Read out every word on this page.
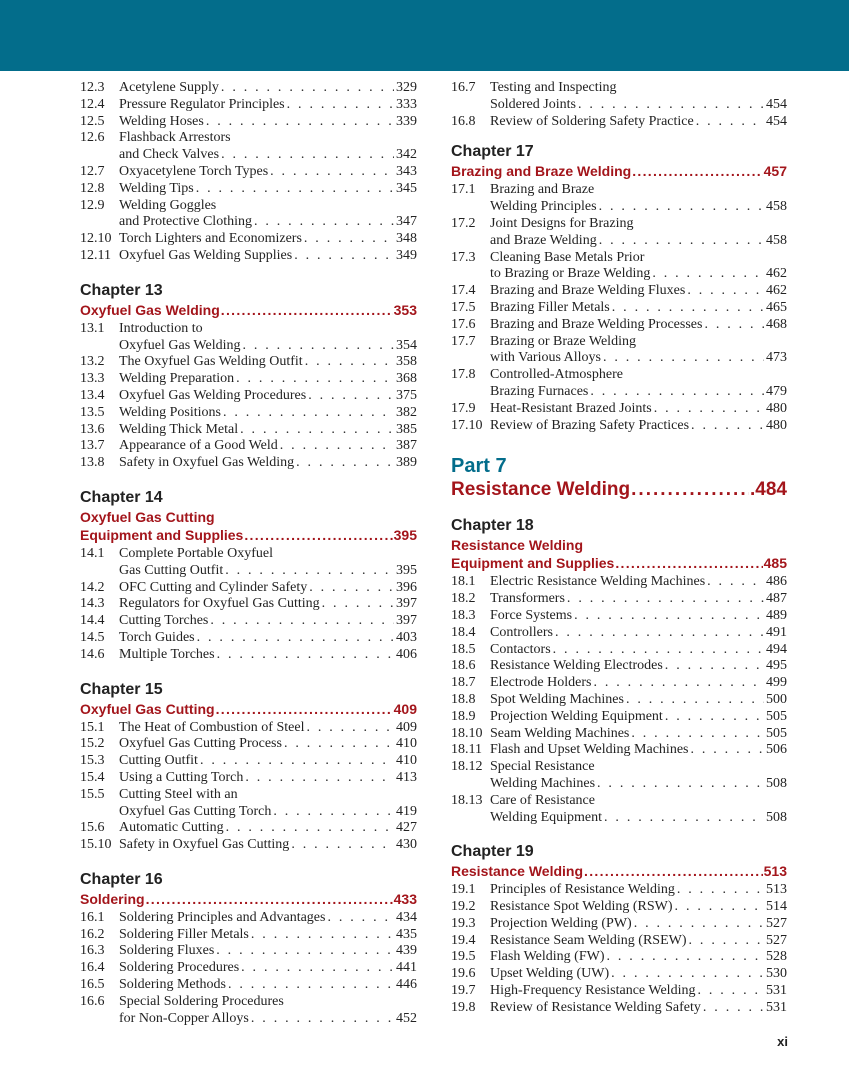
12.3	Acetylene Supply . . .	329
12.4	Pressure Regulator Principles . . .	333
12.5	Welding Hoses . . .	339
12.6	Flashback Arrestors
and Check Valves . . .	342
12.7	Oxyacetylene Torch Types . . .	343
12.8	Welding Tips . . .	345
12.9	Welding Goggles
and Protective Clothing . . .	347
12.10 Torch Lighters and Economizers . . .	348
12.11 Oxyfuel Gas Welding Supplies . . .	349
Chapter 13
Oxyfuel Gas Welding .....	353
13.1	Introduction to
Oxyfuel Gas Welding . . .	354
13.2	The Oxyfuel Gas Welding Outfit . . .	358
13.3	Welding Preparation . . .	368
13.4	Oxyfuel Gas Welding Procedures . . .	375
13.5	Welding Positions . . .	382
13.6	Welding Thick Metal . . .	385
13.7	Appearance of a Good Weld . . .	387
13.8	Safety in Oxyfuel Gas Welding . . .	389
Chapter 14
Oxyfuel Gas Cutting
Equipment and Supplies .....	395
14.1	Complete Portable Oxyfuel
Gas Cutting Outfit . . .	395
14.2	OFC Cutting and Cylinder Safety . . .	396
14.3	Regulators for Oxyfuel Gas Cutting . . .	397
14.4	Cutting Torches . . .	397
14.5	Torch Guides . . .	403
14.6	Multiple Torches . . .	406
Chapter 15
Oxyfuel Gas Cutting .....	409
15.1	The Heat of Combustion of Steel . . .	409
15.2	Oxyfuel Gas Cutting Process . . .	410
15.3	Cutting Outfit . . .	410
15.4	Using a Cutting Torch . . .	413
15.5	Cutting Steel with an
Oxyfuel Gas Cutting Torch . . .	419
15.6	Automatic Cutting . . .	427
15.10 Safety in Oxyfuel Gas Cutting . . .	430
Chapter 16
Soldering .....	433
16.1	Soldering Principles and Advantages . . .	434
16.2	Soldering Filler Metals . . .	435
16.3	Soldering Fluxes . . .	439
16.4	Soldering Procedures . . .	441
16.5	Soldering Methods . . .	446
16.6	Special Soldering Procedures
for Non-Copper Alloys . . .	452
16.7	Testing and Inspecting
Soldered Joints . . .	454
16.8	Review of Soldering Safety Practice . . .	454
Chapter 17
Brazing and Braze Welding .....	457
17.1	Brazing and Braze
Welding Principles . . .	458
17.2	Joint Designs for Brazing
and Braze Welding . . .	458
17.3	Cleaning Base Metals Prior
to Brazing or Braze Welding . . .	462
17.4	Brazing and Braze Welding Fluxes . . .	462
17.5	Brazing Filler Metals . . .	465
17.6	Brazing and Braze Welding Processes . . .	468
17.7	Brazing or Braze Welding
with Various Alloys . . .	473
17.8	Controlled-Atmosphere
Brazing Furnaces . . .	479
17.9	Heat-Resistant Brazed Joints . . .	480
17.10 Review of Brazing Safety Practices . . .	480
Part 7
Resistance Welding .....	.484
Chapter 18
Resistance Welding
Equipment and Supplies .....	485
18.1	Electric Resistance Welding Machines . . .	486
18.2	Transformers . . .	487
18.3	Force Systems . . .	489
18.4	Controllers . . .	491
18.5	Contactors . . .	494
18.6	Resistance Welding Electrodes . . .	495
18.7	Electrode Holders . . .	499
18.8	Spot Welding Machines . . .	500
18.9	Projection Welding Equipment . . .	505
18.10 Seam Welding Machines . . .	505
18.11 Flash and Upset Welding Machines . . .	506
18.12 Special Resistance
Welding Machines . . .	508
18.13 Care of Resistance
Welding Equipment . . .	508
Chapter 19
Resistance Welding .....	513
19.1	Principles of Resistance Welding . . .	513
19.2	Resistance Spot Welding (RSW) . . .	514
19.3	Projection Welding (PW) . . .	527
19.4	Resistance Seam Welding (RSEW) . . .	527
19.5	Flash Welding (FW) . . .	528
19.6	Upset Welding (UW) . . .	530
19.7	High-Frequency Resistance Welding . . .	531
19.8	Review of Resistance Welding Safety . . .	531
xi
